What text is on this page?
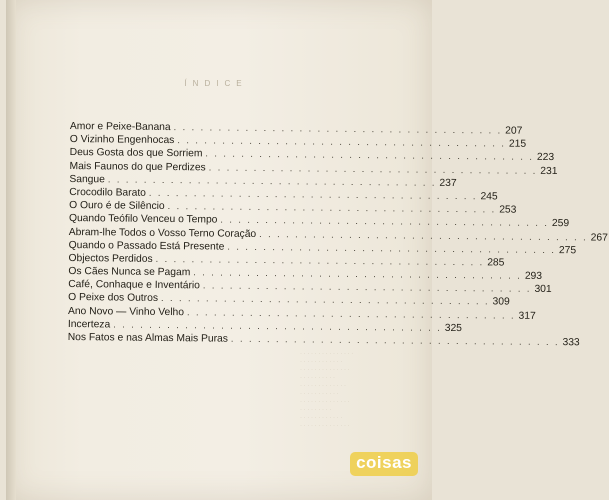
ÍNDICE
Amor e Peixe-Banana . . . . . . . . . . . . . . . . . . . . . . . . . . . . . . . . . . . . . 207
O Vizinho Engenhocas . . . . . . . . . . . . . . . . . . . . . . . . . . . . . . . . . . . . . 215
Deus Gosta dos que Sorriem . . . . . . . . . . . . . . . . . . . . . . . . . . . . . . . . . . . . . 223
Mais Faunos do que Perdizes . . . . . . . . . . . . . . . . . . . . . . . . . . . . . . . . . . . . . 231
Sangue . . . . . . . . . . . . . . . . . . . . . . . . . . . . . . . . . . . . . 237
Crocodilo Barato . . . . . . . . . . . . . . . . . . . . . . . . . . . . . . . . . . . . . 245
O Ouro é de Silêncio . . . . . . . . . . . . . . . . . . . . . . . . . . . . . . . . . . . . . 253
Quando Teófilo Venceu o Tempo . . . . . . . . . . . . . . . . . . . . . . . . . . . . . . . . . . . . . 259
Abram-lhe Todos o Vosso Terno Coração . . . . . . . . . . . . . . . . . . . . . . . . . . . . . . . . . . . . . 267
Quando o Passado Está Presente . . . . . . . . . . . . . . . . . . . . . . . . . . . . . . . . . . . . . 275
Objectos Perdidos . . . . . . . . . . . . . . . . . . . . . . . . . . . . . . . . . . . . . 285
Os Cães Nunca se Pagam . . . . . . . . . . . . . . . . . . . . . . . . . . . . . . . . . . . . . 293
Café, Conhaque e Inventário . . . . . . . . . . . . . . . . . . . . . . . . . . . . . . . . . . . . . 301
O Peixe dos Outros . . . . . . . . . . . . . . . . . . . . . . . . . . . . . . . . . . . . . 309
Ano Novo — Vinho Velho . . . . . . . . . . . . . . . . . . . . . . . . . . . . . . . . . . . . . 317
Incerteza . . . . . . . . . . . . . . . . . . . . . . . . . . . . . . . . . . . . . 325
Nos Fatos e nas Almas Mais Puras . . . . . . . . . . . . . . . . . . . . . . . . . . . . . . . . . . . . . 333
· · · · · · · · · · · · · · ·
· · · · · · · · · · · ·
· · · · · · · · · · · · · ·
· · · · · · · · · ·
· · · · · · · · · · · · ·
· · · · · · · · · · ·
· · · · · · · · · · · · · ·
· · · · · · · · ·
· · · · · · · · · · · ·
· · · · · · · · · · · · · ·
coisas
